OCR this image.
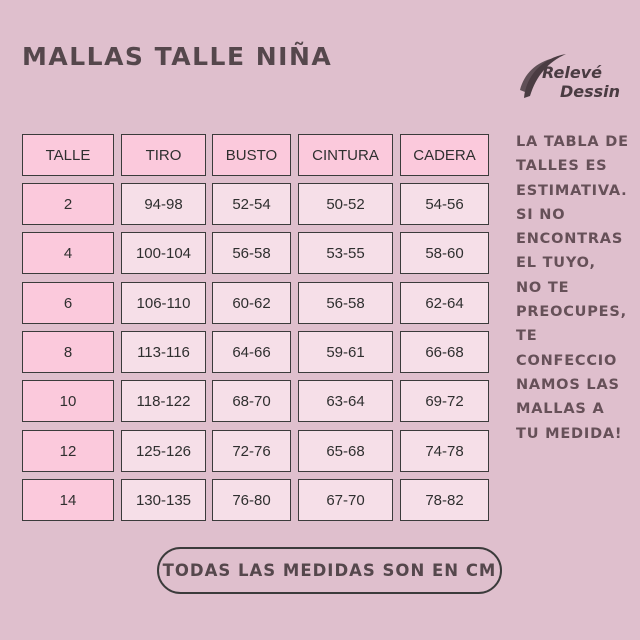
MALLAS TALLE NIÑA
Relevé
Dessin
TALLE	TIRO	BUSTO	CINTURA	CADERA
2	94-98	52-54	50-52	54-56
4	100-104	56-58	53-55	58-60
6	106-110	60-62	56-58	62-64
8	113-116	64-66	59-61	66-68
10	118-122	68-70	63-64	69-72
12	125-126	72-76	65-68	74-78
14	130-135	76-80	67-70	78-82
LA TABLA DE
TALLES ES
ESTIMATIVA.
SI NO
ENCONTRAS
EL TUYO,
NO TE
PREOCUPES,
TE
CONFECCIO
NAMOS LAS
MALLAS A
TU MEDIDA!
TODAS LAS MEDIDAS SON EN CM
